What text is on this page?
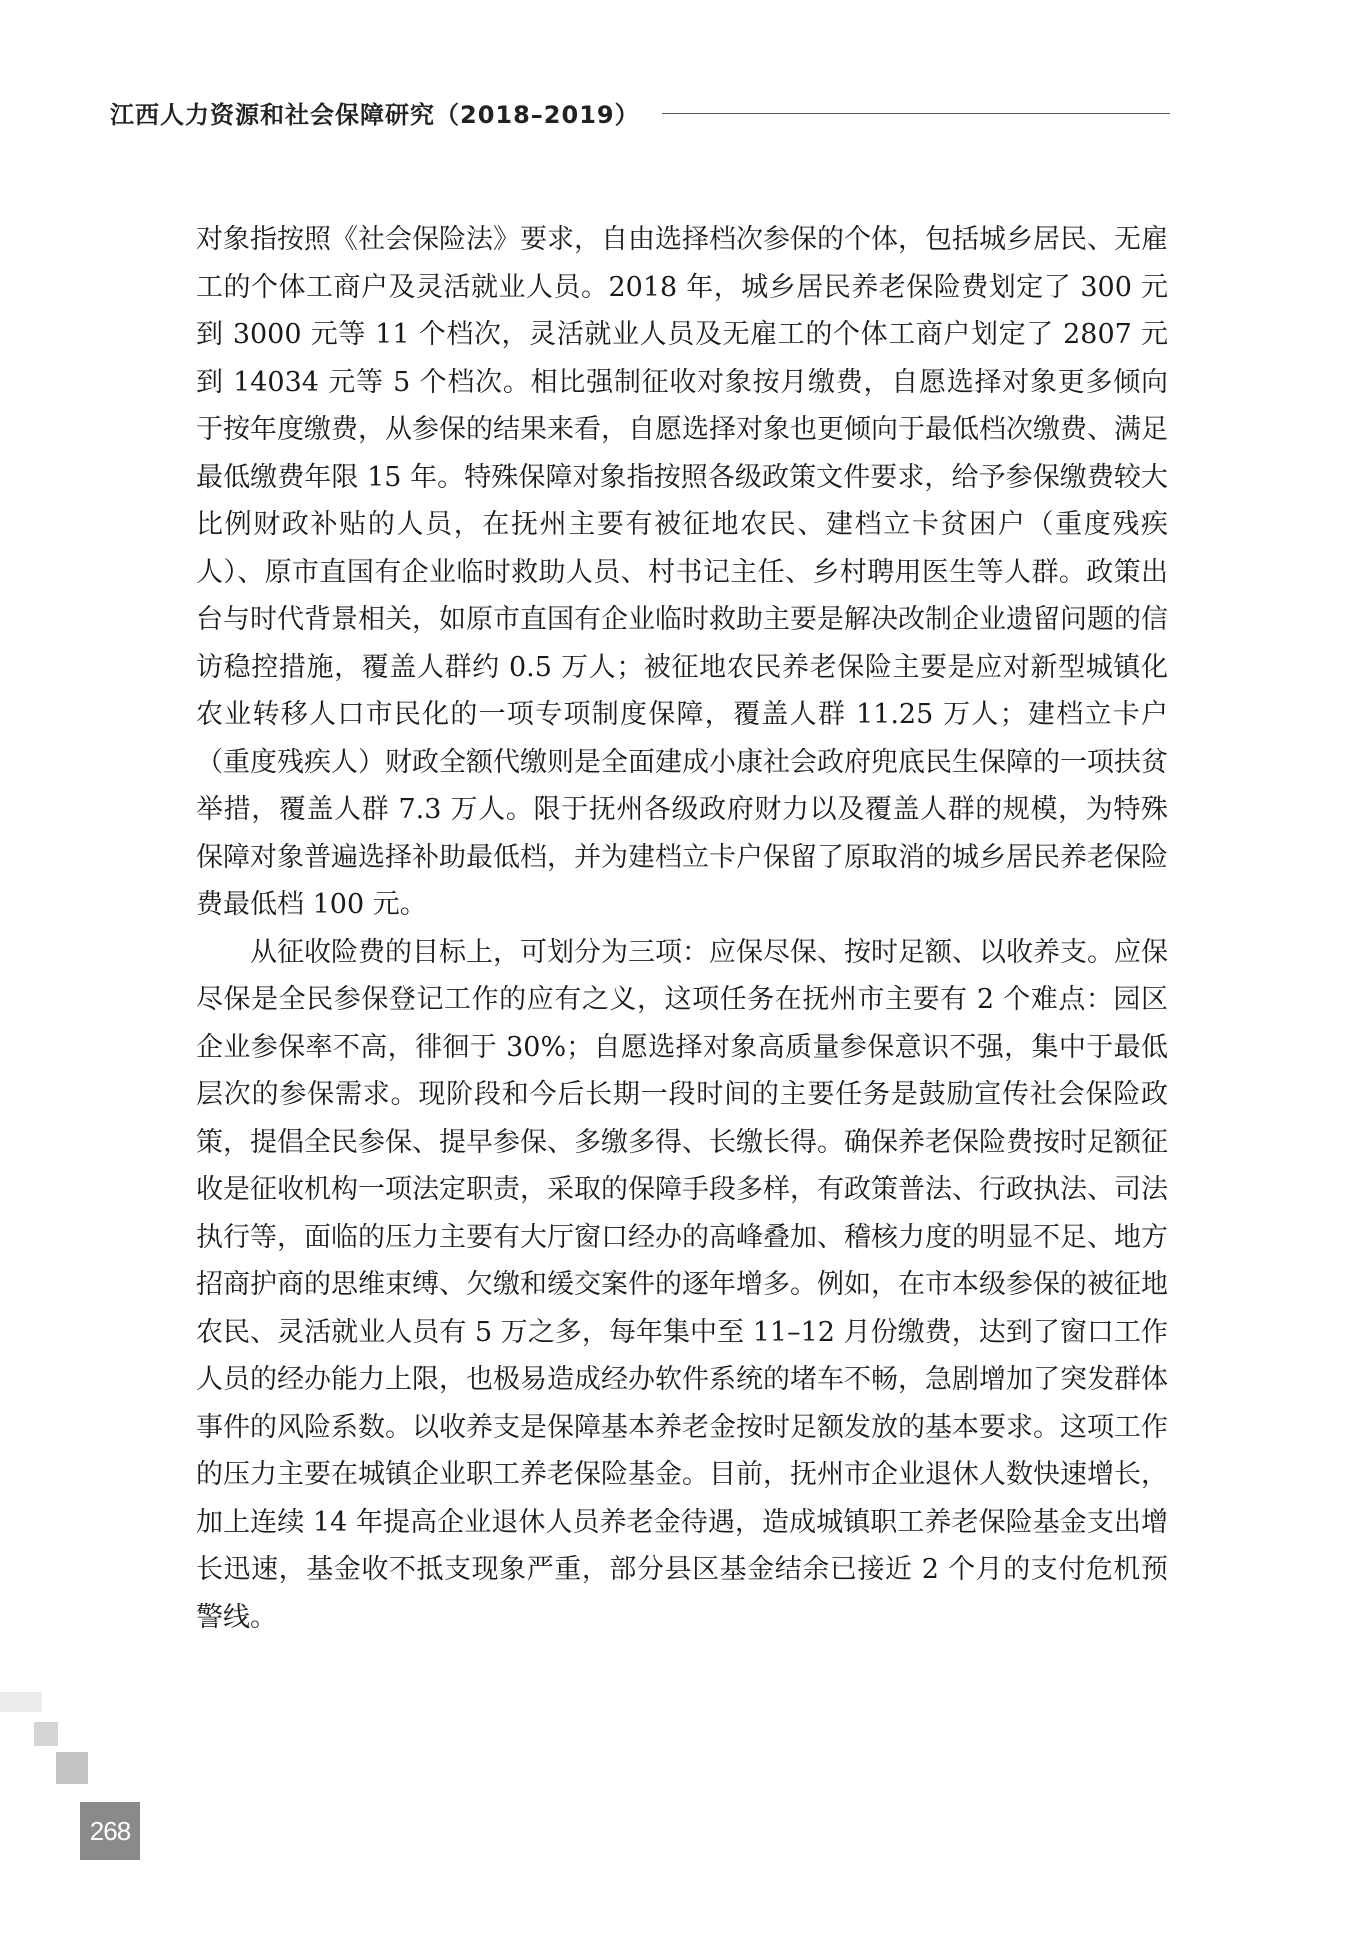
江西人力资源和社会保障研究（2018–2019）

对象指按照《社会保险法》要求，自由选择档次参保的个体，包括城乡居民、无雇工的个体工商户及灵活就业人员。2018 年，城乡居民养老保险费划定了 300 元到 3000 元等 11 个档次，灵活就业人员及无雇工的个体工商户划定了 2807 元到 14034 元等 5 个档次。相比强制征收对象按月缴费，自愿选择对象更多倾向于按年度缴费，从参保的结果来看，自愿选择对象也更倾向于最低档次缴费、满足最低缴费年限 15 年。特殊保障对象指按照各级政策文件要求，给予参保缴费较大比例财政补贴的人员，在抚州主要有被征地农民、建档立卡贫困户（重度残疾人）、原市直国有企业临时救助人员、村书记主任、乡村聘用医生等人群。政策出台与时代背景相关，如原市直国有企业临时救助主要是解决改制企业遗留问题的信访稳控措施，覆盖人群约 0.5 万人；被征地农民养老保险主要是应对新型城镇化农业转移人口市民化的一项专项制度保障，覆盖人群 11.25 万人；建档立卡户（重度残疾人）财政全额代缴则是全面建成小康社会政府兜底民生保障的一项扶贫举措，覆盖人群 7.3 万人。限于抚州各级政府财力以及覆盖人群的规模，为特殊保障对象普遍选择补助最低档，并为建档立卡户保留了原取消的城乡居民养老保险费最低档 100 元。

从征收险费的目标上，可划分为三项：应保尽保、按时足额、以收养支。应保尽保是全民参保登记工作的应有之义，这项任务在抚州市主要有 2 个难点：园区企业参保率不高，徘徊于 30%；自愿选择对象高质量参保意识不强，集中于最低层次的参保需求。现阶段和今后长期一段时间的主要任务是鼓励宣传社会保险政策，提倡全民参保、提早参保、多缴多得、长缴长得。确保养老保险费按时足额征收是征收机构一项法定职责，采取的保障手段多样，有政策普法、行政执法、司法执行等，面临的压力主要有大厅窗口经办的高峰叠加、稽核力度的明显不足、地方招商护商的思维束缚、欠缴和缓交案件的逐年增多。例如，在市本级参保的被征地农民、灵活就业人员有 5 万之多，每年集中至 11–12 月份缴费，达到了窗口工作人员的经办能力上限，也极易造成经办软件系统的堵车不畅，急剧增加了突发群体事件的风险系数。以收养支是保障基本养老金按时足额发放的基本要求。这项工作的压力主要在城镇企业职工养老保险基金。目前，抚州市企业退休人数快速增长，加上连续 14 年提高企业退休人员养老金待遇，造成城镇职工养老保险基金支出增长迅速，基金收不抵支现象严重，部分县区基金结余已接近 2 个月的支付危机预警线。

268
